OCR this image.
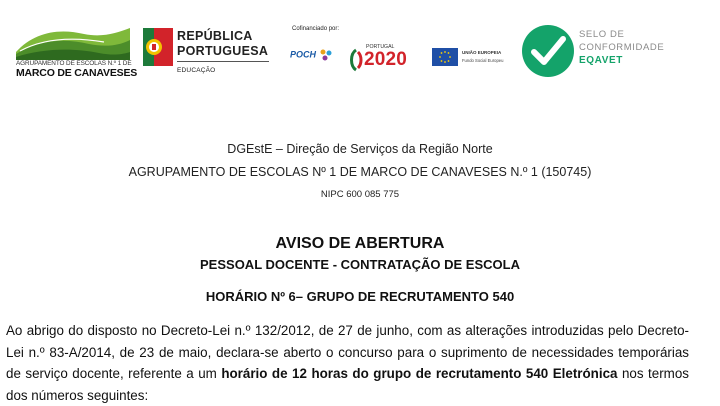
AGRUPAMENTO DE ESCOLAS N.º 1 DE
MARCO DE CANAVESES
REPÚBLICA
PORTUGUESA
EDUCAÇÃO
Cofinanciado por:
POCH
PORTUGAL
2020	UNIÃO EUROPEIA
Fundo Social Europeu
SELO DE
CONFORMIDADE
EQAVET
DGEstE – Direção de Serviços da Região Norte
AGRUPAMENTO DE ESCOLAS Nº 1 DE MARCO DE CANAVESES N.º 1 (150745)
NIPC 600 085 775
AVISO DE ABERTURA
PESSOAL DOCENTE - CONTRATAÇÃO DE ESCOLA
HORÁRIO Nº 6– GRUPO DE RECRUTAMENTO 540
Ao abrigo do disposto no Decreto-Lei n.º 132/2012, de 27 de junho, com as alterações introduzidas pelo Decreto-Lei n.º 83-A/2014, de 23 de maio, declara-se aberto o concurso para o suprimento de necessidades temporárias de serviço docente, referente a um horário de 12 horas do grupo de recrutamento 540 Eletrónica nos termos dos números seguintes:
